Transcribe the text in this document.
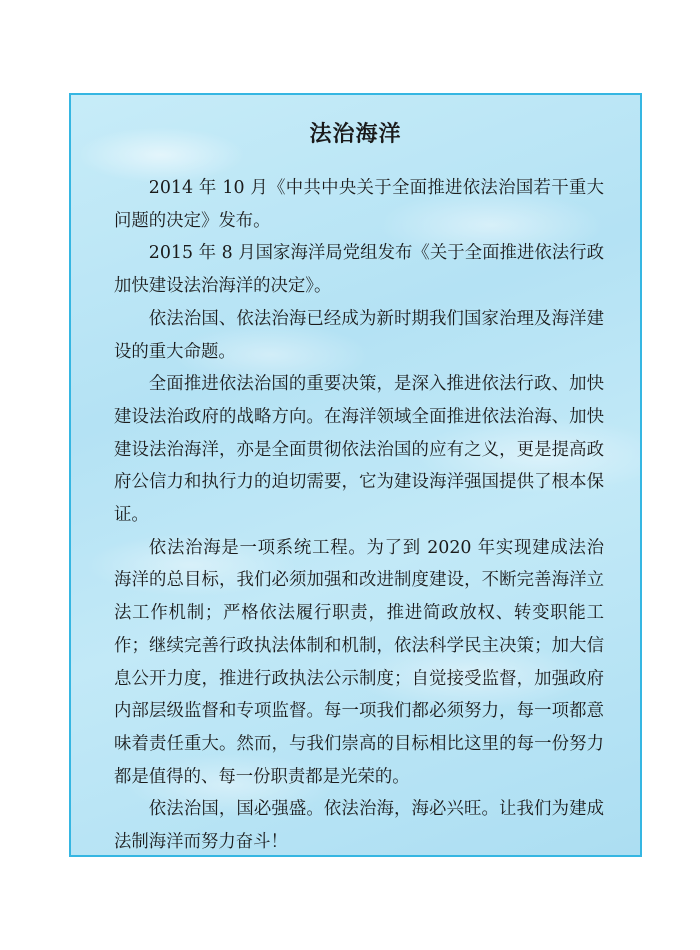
法治海洋

2014 年 10 月《中共中央关于全面推进依法治国若干重大问题的决定》发布。

2015 年 8 月国家海洋局党组发布《关于全面推进依法行政加快建设法治海洋的决定》。

依法治国、依法治海已经成为新时期我们国家治理及海洋建设的重大命题。

全面推进依法治国的重要决策，是深入推进依法行政、加快建设法治政府的战略方向。在海洋领域全面推进依法治海、加快建设法治海洋，亦是全面贯彻依法治国的应有之义，更是提高政府公信力和执行力的迫切需要，它为建设海洋强国提供了根本保证。

依法治海是一项系统工程。为了到 2020 年实现建成法治海洋的总目标，我们必须加强和改进制度建设，不断完善海洋立法工作机制；严格依法履行职责，推进简政放权、转变职能工作；继续完善行政执法体制和机制，依法科学民主决策；加大信息公开力度，推进行政执法公示制度；自觉接受监督，加强政府内部层级监督和专项监督。每一项我们都必须努力，每一项都意味着责任重大。然而，与我们崇高的目标相比这里的每一份努力都是值得的、每一份职责都是光荣的。

依法治国，国必强盛。依法治海，海必兴旺。让我们为建成法制海洋而努力奋斗！
